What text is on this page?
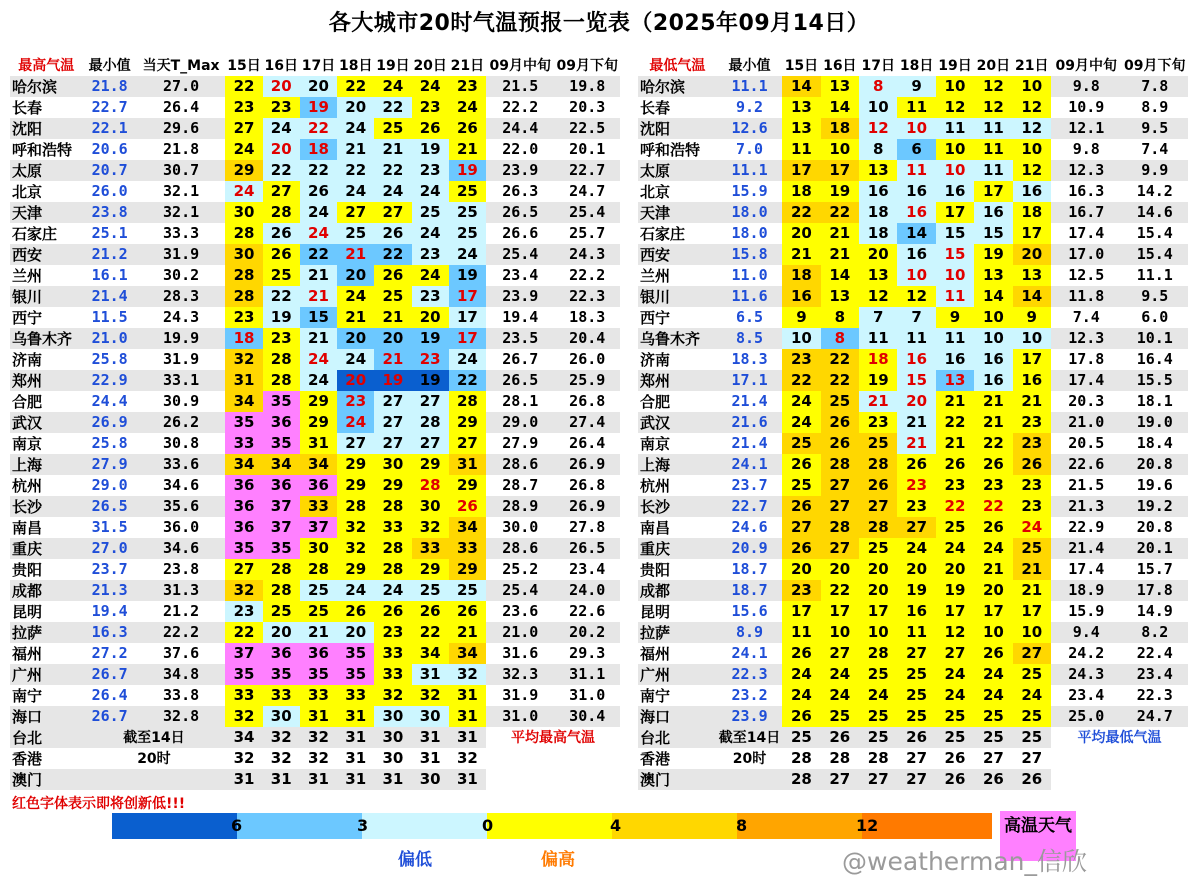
各大城市20时气温预报一览表（2025年09月14日）
最高气温	最小值	当天T_Max	15日	16日	17日	18日	19日	20日	21日	09月中旬	09月下旬
哈尔滨	21.8	27.0	22	20	20	22	24	24	23	21.5	19.8
长春	22.7	26.4	23	23	19	20	22	23	24	22.2	20.3
沈阳	22.1	29.6	27	24	22	24	25	26	26	24.4	22.5
呼和浩特	20.6	21.8	24	20	18	21	21	19	21	22.0	20.1
太原	20.7	30.7	29	22	22	22	22	23	19	23.9	22.7
北京	26.0	32.1	24	27	26	24	24	24	25	26.3	24.7
天津	23.8	32.1	30	28	24	27	27	25	25	26.5	25.4
石家庄	25.1	33.3	28	26	24	25	26	24	25	26.6	25.7
西安	21.2	31.9	30	26	22	21	22	23	24	25.4	24.3
兰州	16.1	30.2	28	25	21	20	26	24	19	23.4	22.2
银川	21.4	28.3	28	22	21	24	25	23	17	23.9	22.3
西宁	11.5	24.3	23	19	15	21	21	20	17	19.4	18.3
乌鲁木齐	21.0	19.9	18	23	21	20	20	19	17	23.5	20.4
济南	25.8	31.9	32	28	24	24	21	23	24	26.7	26.0
郑州	22.9	33.1	31	28	24	20	19	19	22	26.5	25.9
合肥	24.4	30.9	34	35	29	23	27	27	28	28.1	26.8
武汉	26.9	26.2	35	36	29	24	27	28	29	29.0	27.4
南京	25.8	30.8	33	35	31	27	27	27	27	27.9	26.4
上海	27.9	33.6	34	34	34	29	30	29	31	28.6	26.9
杭州	29.0	34.6	36	36	36	29	29	28	29	28.7	26.8
长沙	26.5	35.6	36	37	33	28	28	30	26	28.9	26.9
南昌	31.5	36.0	36	37	37	32	33	32	34	30.0	27.8
重庆	27.0	34.6	35	35	30	32	28	33	33	28.6	26.5
贵阳	23.7	23.8	27	28	28	29	28	29	29	25.2	23.4
成都	21.3	31.3	32	28	25	24	24	25	25	25.4	24.0
昆明	19.4	21.2	23	25	25	26	26	26	26	23.6	22.6
拉萨	16.3	22.2	22	20	21	20	23	22	21	21.0	20.2
福州	27.2	37.6	37	36	36	35	33	34	34	31.6	29.3
广州	26.7	34.8	35	35	35	35	33	31	32	32.3	31.1
南宁	26.4	33.8	33	33	33	33	32	32	31	31.9	31.0
海口	26.7	32.8	32	30	31	31	30	30	31	31.0	30.4
台北	截至14日		34	32	32	31	30	31	31	平均最高气温	
香港	20时		32	32	32	31	30	31	32		
澳门			31	31	31	31	31	30	31		
最低气温	最小值	15日	16日	17日	18日	19日	20日	21日	09月中旬	09月下旬
哈尔滨	11.1	14	13	8	9	10	12	10	9.8	7.8
长春	9.2	13	14	10	11	12	12	12	10.9	8.9
沈阳	12.6	13	18	12	10	11	11	12	12.1	9.5
呼和浩特	7.0	11	10	8	6	10	11	10	9.8	7.4
太原	11.1	17	17	13	11	10	11	12	12.3	9.9
北京	15.9	18	19	16	16	16	17	16	16.3	14.2
天津	18.0	22	22	18	16	17	16	18	16.7	14.6
石家庄	18.0	20	21	18	14	15	15	17	17.4	15.4
西安	15.8	21	21	20	16	15	19	20	17.0	15.4
兰州	11.0	18	14	13	10	10	13	13	12.5	11.1
银川	11.6	16	13	12	12	11	14	14	11.8	9.5
西宁	6.5	9	8	7	7	9	10	9	7.4	6.0
乌鲁木齐	8.5	10	8	11	11	11	10	10	12.3	10.1
济南	18.3	23	22	18	16	16	16	17	17.8	16.4
郑州	17.1	22	22	19	15	13	16	16	17.4	15.5
合肥	21.4	24	25	21	20	21	21	21	20.3	18.1
武汉	21.6	24	26	23	21	22	21	23	21.0	19.0
南京	21.4	25	26	25	21	21	22	23	20.5	18.4
上海	24.1	26	28	28	26	26	26	26	22.6	20.8
杭州	23.7	25	27	26	23	23	23	23	21.5	19.6
长沙	22.7	26	27	27	23	22	22	23	21.3	19.2
南昌	24.6	27	28	28	27	25	26	24	22.9	20.8
重庆	20.9	26	27	25	24	24	24	25	21.4	20.1
贵阳	18.7	20	20	20	20	20	21	21	17.4	15.7
成都	18.7	23	22	20	19	19	20	21	18.9	17.8
昆明	15.6	17	17	17	16	17	17	17	15.9	14.9
拉萨	8.9	11	10	10	11	12	10	10	9.4	8.2
福州	24.1	26	27	28	27	27	26	27	24.2	22.4
广州	22.3	24	24	25	25	24	24	25	24.3	23.4
南宁	23.2	24	24	24	25	24	24	24	23.4	22.3
海口	23.9	26	25	25	25	25	25	25	25.0	24.7
台北	截至14日	25	26	25	26	25	25	25	平均最低气温	
香港	20时	28	28	28	27	26	27	27		
澳门		28	27	27	27	26	26	26		
红色字体表示即将创新低!!!
6	3	0	4	8	12	高温天气
偏低	偏高	@weatherman_信欣
